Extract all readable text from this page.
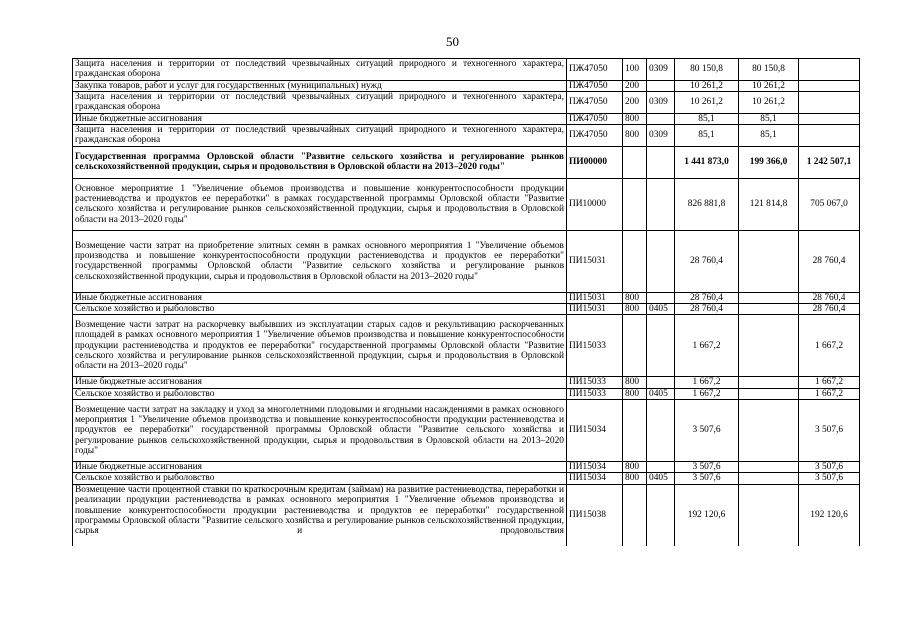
50
Защита населения и территории от последствий чрезвычайных ситуаций природного и техногенного характера, гражданская оборона	ПЖ47050	100	0309	80 150,8	80 150,8	
Закупка товаров, работ и услуг для государственных (муниципальных) нужд	ПЖ47050	200		10 261,2	10 261,2	
Защита населения и территории от последствий чрезвычайных ситуаций природного и техногенного характера, гражданская оборона	ПЖ47050	200	0309	10 261,2	10 261,2	
Иные бюджетные ассигнования	ПЖ47050	800		85,1	85,1	
Защита населения и территории от последствий чрезвычайных ситуаций природного и техногенного характера, гражданская оборона	ПЖ47050	800	0309	85,1	85,1	
Государственная программа Орловской области "Развитие сельского хозяйства и регулирование рынков сельскохозяйственной продукции, сырья и продовольствия в Орловской области на 2013–2020 годы"	ПИ00000			1 441 873,0	199 366,0	1 242 507,1
Основное мероприятие 1 "Увеличение объемов производства и повышение конкурентоспособности продукции растениеводства и продуктов ее переработки" в рамках государственной программы Орловской области "Развитие сельского хозяйства и регулирование рынков сельскохозяйственной продукции, сырья и продовольствия в Орловской области на 2013–2020 годы"	ПИ10000			826 881,8	121 814,8	705 067,0
Возмещение части затрат на приобретение элитных семян в рамках основного мероприятия 1 "Увеличение объемов производства и повышение конкурентоспособности продукции растениеводства и продуктов ее переработки" государственной программы Орловской области "Развитие сельского хозяйства и регулирование рынков сельскохозяйственной продукции, сырья и продовольствия в Орловской области на 2013–2020 годы"	ПИ15031			28 760,4		28 760,4
Иные бюджетные ассигнования	ПИ15031	800		28 760,4		28 760,4
Сельское хозяйство и рыболовство	ПИ15031	800	0405	28 760,4		28 760,4
Возмещение части затрат на раскорчевку выбывших из эксплуатации старых садов и рекультивацию раскорчеванных площадей в рамках основного мероприятия 1 "Увеличение объемов производства и повышение конкурентоспособности продукции растениеводства и продуктов ее переработки" государственной программы Орловской области "Развитие сельского хозяйства и регулирование рынков сельскохозяйственной продукции, сырья и продовольствия в Орловской области на 2013–2020 годы"	ПИ15033			1 667,2		1 667,2
Иные бюджетные ассигнования	ПИ15033	800		1 667,2		1 667,2
Сельское хозяйство и рыболовство	ПИ15033	800	0405	1 667,2		1 667,2
Возмещение части затрат на закладку и уход за многолетними плодовыми и ягодными насаждениями в рамках основного мероприятия 1 "Увеличение объемов производства и повышение конкурентоспособности продукции растениеводства и продуктов ее переработки" государственной программы Орловской области "Развитие сельского хозяйства и регулирование рынков сельскохозяйственной продукции, сырья и продовольствия в Орловской области на 2013–2020 годы"	ПИ15034			3 507,6		3 507,6
Иные бюджетные ассигнования	ПИ15034	800		3 507,6		3 507,6
Сельское хозяйство и рыболовство	ПИ15034	800	0405	3 507,6		3 507,6
Возмещение части процентной ставки по краткосрочным кредитам (займам) на развитие растениеводства, переработки и реализации продукции растениеводства в рамках основного мероприятия 1 "Увеличение объемов производства и повышение конкурентоспособности продукции растениеводства и продуктов ее переработки" государственной программы Орловской области "Развитие сельского хозяйства и регулирование рынков сельскохозяйственной продукции, сырья и продовольствия	ПИ15038			192 120,6		192 120,6
